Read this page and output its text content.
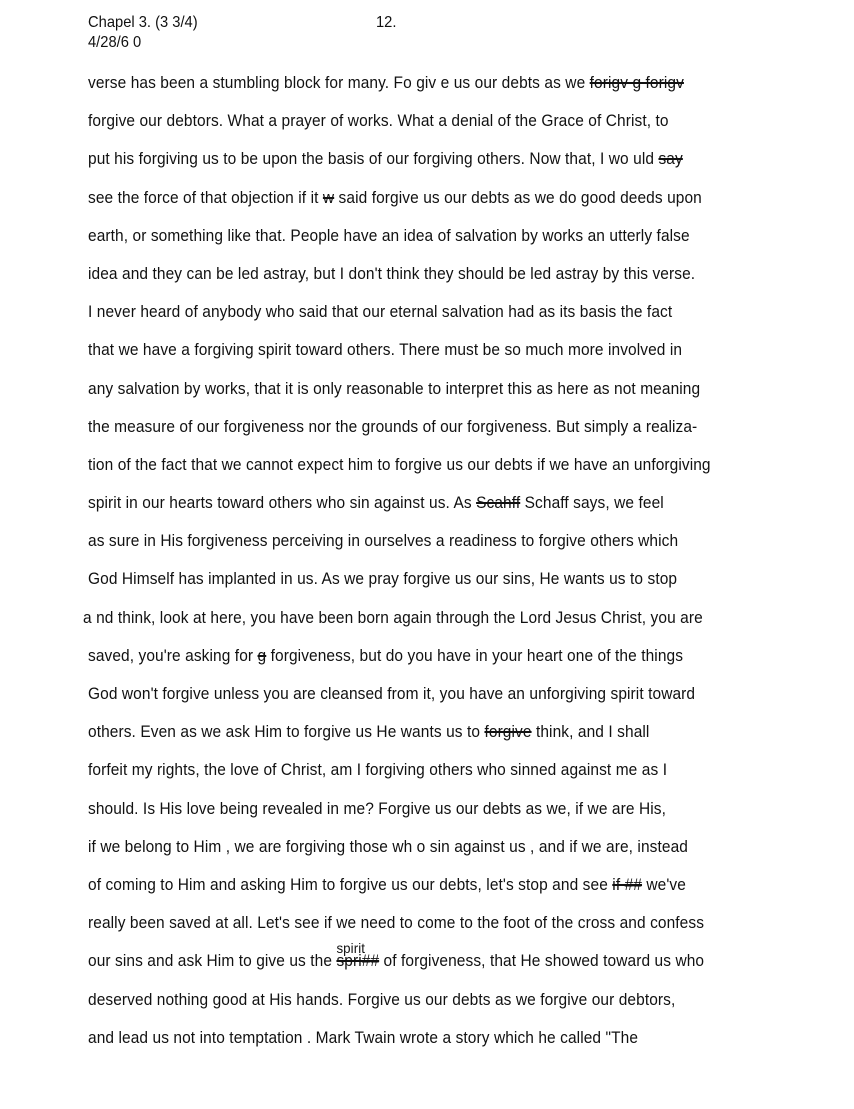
Chapel 3. (3 3/4)	12.
4/28/6 0
verse has been a stumbling block for many. Fo giv e us our debts as we forigv g forigv
forgive our debtors. What a prayer of works. What a denial of the Grace of Christ, to
put his forgiving us to be upon the basis of our forgiving others. Now that, I wo uld say
see the force of that objection if it w said forgive us our debts as we do good deeds upon
earth, or something like that. People have an idea of salvation by works an utterly false
idea and they can be led astray, but I don't think they should be led astray by this verse.
I never heard of anybody who said that our eternal salvation had as its basis the fact
that we have a forgiving spirit toward others. There must be so much more involved in
any salvation by works, that it is only reasonable to interpret this as here as not meaning
the measure of our forgiveness nor the grounds of our forgiveness. But simply a realiza-
tion of the fact that we cannot expect him to forgive us our debts if we have an unforgiving
spirit in our hearts toward others who sin against us. As Scahff Schaff says, we feel
as sure in His forgiveness perceiving in ourselves a readiness to forgive others which
God Himself has implanted in us. As we pray forgive us our sins, He wants us to stop
a nd think, look at here, you have been born again through the Lord Jesus Christ, you are
saved, you're asking for g forgiveness, but do you have in your heart one of the things
God won't forgive unless you are cleansed from it, you have an unforgiving spirit toward
others. Even as we ask Him to forgive us He wants us to forgive think, and I shall
forfeit my rights, the love of Christ, am I forgiving others who sinned against me as I
should. Is His love being revealed in me? Forgive us our debts as we, if we are His,
if we belong to Him , we are forgiving those wh o sin against us , and if we are, instead
of coming to Him and asking Him to forgive us our debts, let's stop and see if ## we've
really been saved at all. Let's see if we need to come to the foot of the cross and confess
our sins and ask Him to give us the
spirit
spri## of forgiveness, that He showed toward us who
deserved nothing good at His hands. Forgive us our debts as we forgive our debtors,
and lead us not into temptation . Mark Twain wrote a story which he called "The
